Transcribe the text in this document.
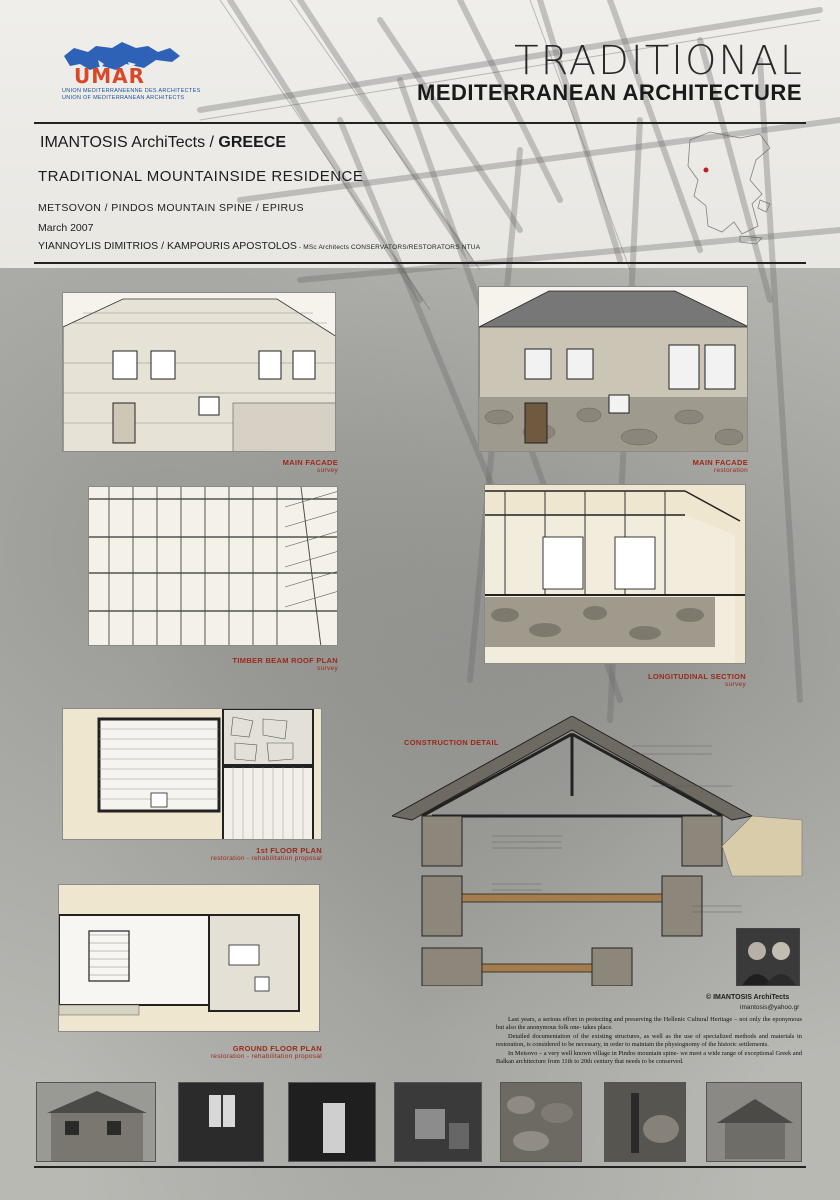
UMAR
UNION MEDITERRANEENNE DES ARCHITECTES
UNION OF MEDITERRANEAN ARCHITECTS
TRADITIONAL
MEDITERRANEAN ARCHITECTURE
IMANTOSIS ArchiTects / GREECE
TRADITIONAL MOUNTAINSIDE RESIDENCE
METSOVON / PINDOS MOUNTAIN SPINE / EPIRUS
March 2007
YIANNOYLIS DIMITRIOS / KAMPOURIS APOSTOLOS - MSc Architects CONSERVATORS/RESTORATORS NTUA
MAIN FACADE
survey
MAIN FACADE
restoration
TIMBER BEAM ROOF PLAN
survey
LONGITUDINAL SECTION
survey
1st FLOOR PLAN
restoration - rehabilitation proposal
CONSTRUCTION DETAIL
GROUND FLOOR PLAN
restoration - rehabilitation proposal
© IMANTOSIS ArchiTects
imantosis@yahoo.gr

Last years, a serious effort in protecting and preserving the Hellenic Cultural Heritage – not only the eponymous but also the anonymous folk one- takes place.

Detailed documentation of the existing structures, as well as the use of specialized methods and materials in restoration, is considered to be necessary, in order to maintain the physiognomy of the historic settlements.

In Metsovo – a very well known village in Pindos mountain spine- we meet a wide range of exceptional Greek and Balkan architecture from 11th to 20th century that needs to be conserved.
